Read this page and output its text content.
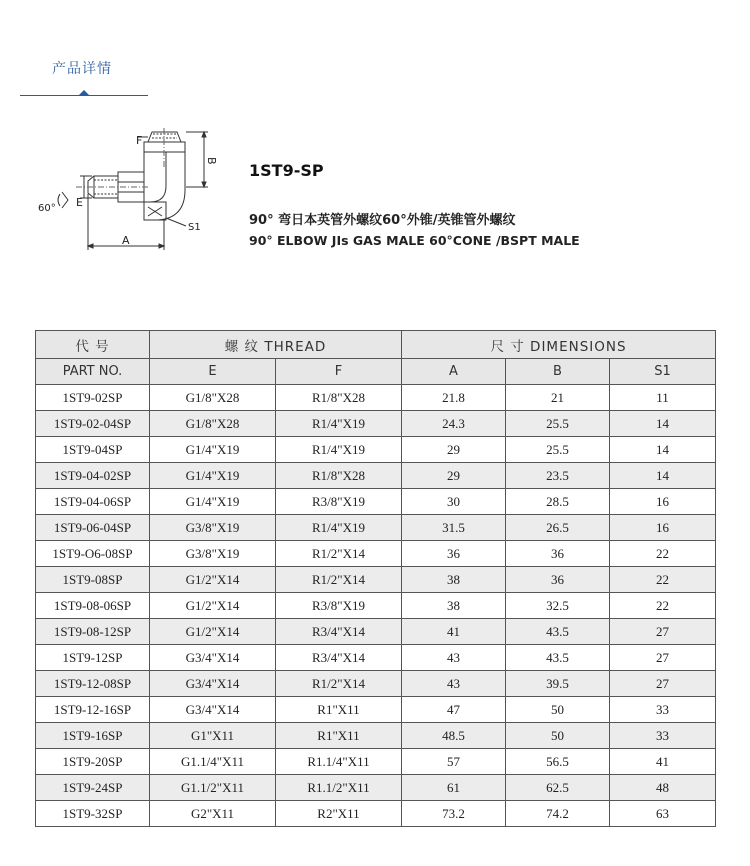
产品详情
F
B
E
A
S1
60°
1ST9-SP
90° 弯日本英管外螺纹60°外锥/英锥管外螺纹
90° ELBOW JIs GAS MALE 60°CONE /BSPT MALE
代 号	螺 纹 THREAD		尺 寸 DIMENSIONS		
PART NO.	E	F	A	B	S1
1ST9-02SP	G1/8"X28	R1/8"X28	21.8	21	11
1ST9-02-04SP	G1/8"X28	R1/4"X19	24.3	25.5	14
1ST9-04SP	G1/4"X19	R1/4"X19	29	25.5	14
1ST9-04-02SP	G1/4"X19	R1/8"X28	29	23.5	14
1ST9-04-06SP	G1/4"X19	R3/8"X19	30	28.5	16
1ST9-06-04SP	G3/8"X19	R1/4"X19	31.5	26.5	16
1ST9-O6-08SP	G3/8"X19	R1/2"X14	36	36	22
1ST9-08SP	G1/2"X14	R1/2"X14	38	36	22
1ST9-08-06SP	G1/2"X14	R3/8"X19	38	32.5	22
1ST9-08-12SP	G1/2"X14	R3/4"X14	41	43.5	27
1ST9-12SP	G3/4"X14	R3/4"X14	43	43.5	27
1ST9-12-08SP	G3/4"X14	R1/2"X14	43	39.5	27
1ST9-12-16SP	G3/4"X14	R1"X11	47	50	33
1ST9-16SP	G1"X11	R1"X11	48.5	50	33
1ST9-20SP	G1.1/4"X11	R1.1/4"X11	57	56.5	41
1ST9-24SP	G1.1/2"X11	R1.1/2"X11	61	62.5	48
1ST9-32SP	G2"X11	R2"X11	73.2	74.2	63
